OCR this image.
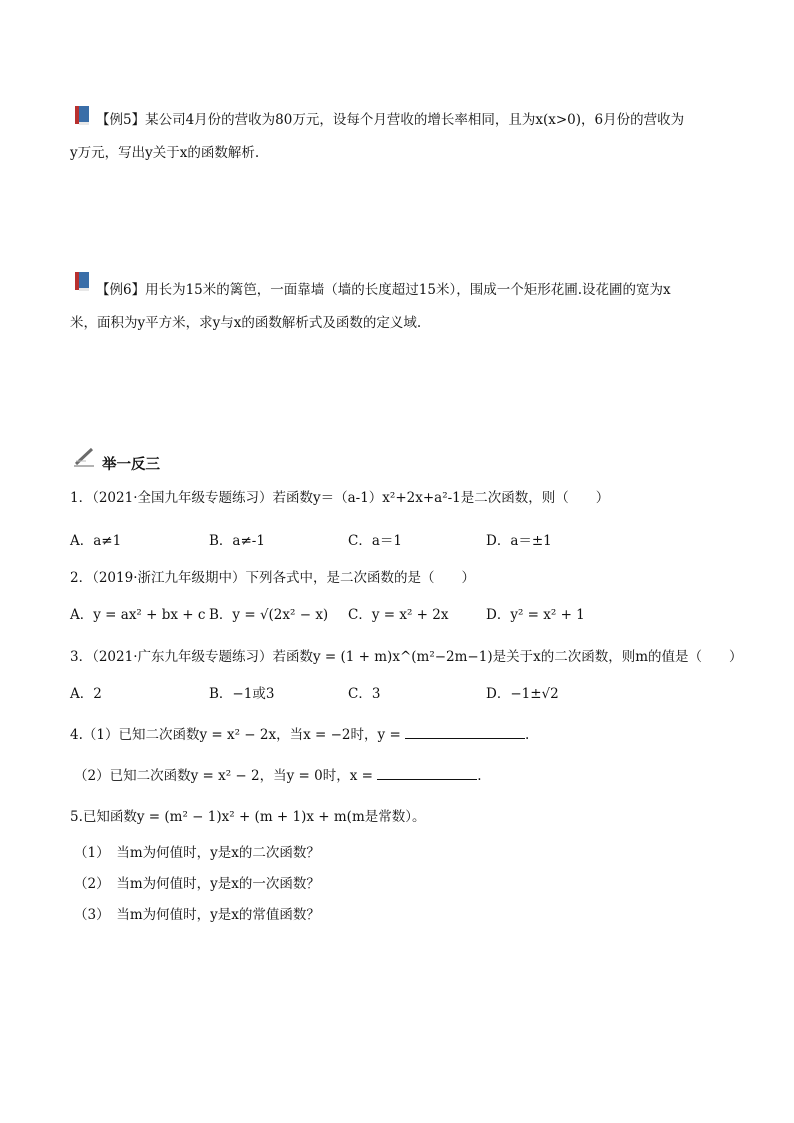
【例5】某公司4月份的营收为80万元，设每个月营收的增长率相同，且为x(x>0)，6月份的营收为
y万元，写出y关于x的函数解析.
【例6】用长为15米的篱笆，一面靠墙（墙的长度超过15米），围成一个矩形花圃.设花圃的宽为x
米，面积为y平方米，求y与x的函数解析式及函数的定义域.
举一反三
1．（2021·全国九年级专题练习）若函数y＝（a-1）x²+2x+a²-1是二次函数，则（　　）
A．a≠1	B．a≠-1	C．a＝1	D．a＝±1
2．（2019·浙江九年级期中）下列各式中，是二次函数的是（　　）
A．y = ax² + bx + c B．y = √(2x² − x) C．y = x² + 2x	D．y² = x² + 1
3．（2021·广东九年级专题练习）若函数y = (1 + m)x^(m²−2m−1)是关于x的二次函数，则m的值是（　　）
A．2	B．−1或3	C．3	D．−1±√2
4.（1）已知二次函数y = x² − 2x，当x = −2时，y =	.
（2）已知二次函数y = x² − 2，当y = 0时，x =	.
5.已知函数y = (m² − 1)x² + (m + 1)x + m(m是常数）。
（1）　当m为何值时，y是x的二次函数？
（2）　当m为何值时，y是x的一次函数？
（3）　当m为何值时，y是x的常值函数？
